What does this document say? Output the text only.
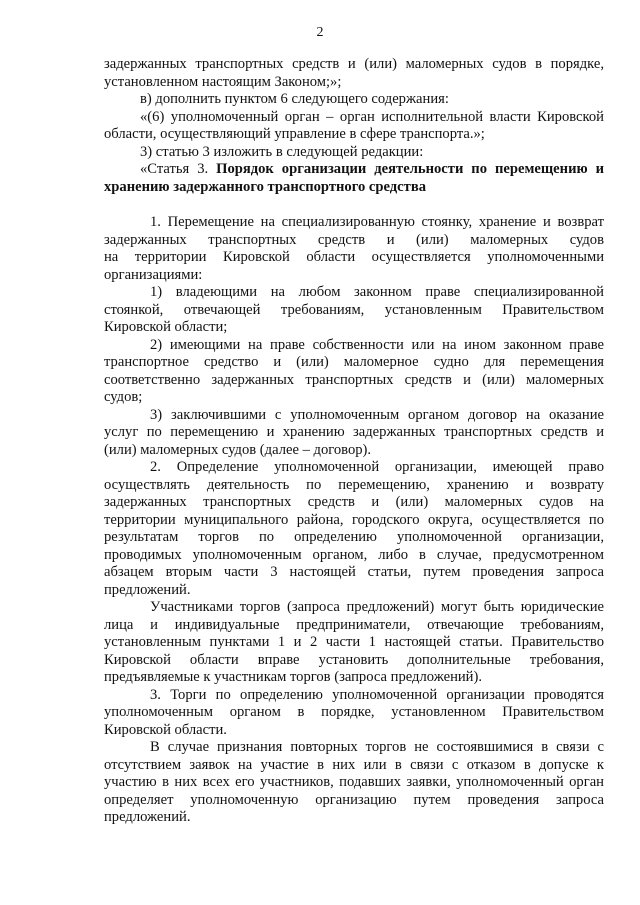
2
задержанных транспортных средств и (или) маломерных судов в порядке,
установленном настоящим Законом;»;
в) дополнить пунктом 6 следующего содержания:
«(6) уполномоченный орган – орган исполнительной власти Кировской
области, осуществляющий управление в сфере транспорта.»;
3) статью 3 изложить в следующей редакции:
«Статья 3. Порядок организации деятельности по перемещению и
хранению задержанного транспортного средства
1. Перемещение на специализированную стоянку, хранение и возврат
задержанных транспортных средств и (или) маломерных судов
на территории Кировской области осуществляется уполномоченными
организациями:
1) владеющими на любом законном праве специализированной
стоянкой, отвечающей требованиям, установленным Правительством
Кировской области;
2) имеющими на праве собственности или на ином законном праве
транспортное средство и (или) маломерное судно для перемещения
соответственно задержанных транспортных средств и (или) маломерных
судов;
3) заключившими с уполномоченным органом договор на оказание
услуг по перемещению и хранению задержанных транспортных средств и
(или) маломерных судов (далее – договор).
2. Определение уполномоченной организации, имеющей право
осуществлять деятельность по перемещению, хранению и возврату
задержанных транспортных средств и (или) маломерных судов на
территории муниципального района, городского округа, осуществляется по
результатам торгов по определению уполномоченной организации,
проводимых уполномоченным органом, либо в случае, предусмотренном
абзацем вторым части 3 настоящей статьи, путем проведения запроса
предложений.
Участниками торгов (запроса предложений) могут быть юридические
лица и индивидуальные предприниматели, отвечающие требованиям,
установленным пунктами 1 и 2 части 1 настоящей статьи. Правительство
Кировской области вправе установить дополнительные требования,
предъявляемые к участникам торгов (запроса предложений).
3. Торги по определению уполномоченной организации проводятся
уполномоченным органом в порядке, установленном Правительством
Кировской области.
В случае признания повторных торгов не состоявшимися в связи с
отсутствием заявок на участие в них или в связи с отказом в допуске к
участию в них всех его участников, подавших заявки, уполномоченный орган
определяет уполномоченную организацию путем проведения запроса
предложений.
